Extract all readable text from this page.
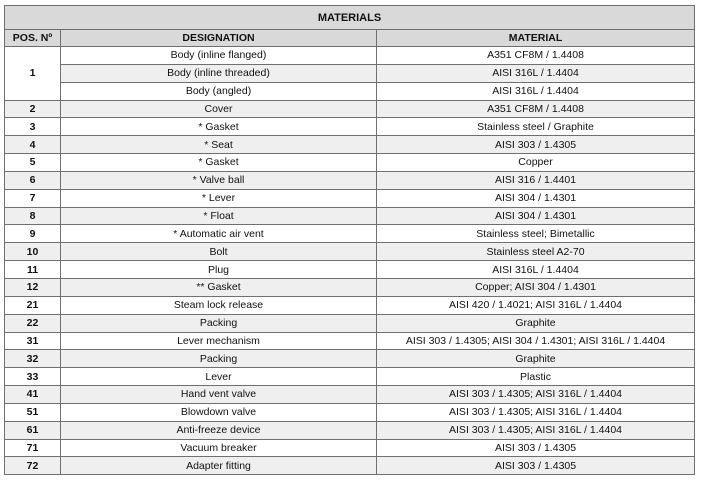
MATERIALS		
POS. Nº	DESIGNATION	MATERIAL
1	Body (inline flanged)	A351 CF8M / 1.4408
	Body (inline threaded)	AISI 316L / 1.4404
	Body (angled)	AISI 316L / 1.4404
2	Cover	A351 CF8M / 1.4408
3	* Gasket	Stainless steel / Graphite
4	* Seat	AISI 303 / 1.4305
5	* Gasket	Copper
6	* Valve ball	AISI 316 / 1.4401
7	* Lever	AISI 304 / 1.4301
8	* Float	AISI 304 / 1.4301
9	* Automatic air vent	Stainless steel; Bimetallic
10	Bolt	Stainless steel A2-70
11	Plug	AISI 316L / 1.4404
12	** Gasket	Copper; AISI 304 / 1.4301
21	Steam lock release	AISI 420 / 1.4021; AISI 316L / 1.4404
22	Packing	Graphite
31	Lever mechanism	AISI 303 / 1.4305; AISI 304 / 1.4301; AISI 316L / 1.4404
32	Packing	Graphite
33	Lever	Plastic
41	Hand vent valve	AISI 303 / 1.4305; AISI 316L / 1.4404
51	Blowdown valve	AISI 303 / 1.4305; AISI 316L / 1.4404
61	Anti-freeze device	AISI 303 / 1.4305; AISI 316L / 1.4404
71	Vacuum breaker	AISI 303 / 1.4305
72	Adapter fitting	AISI 303 / 1.4305
